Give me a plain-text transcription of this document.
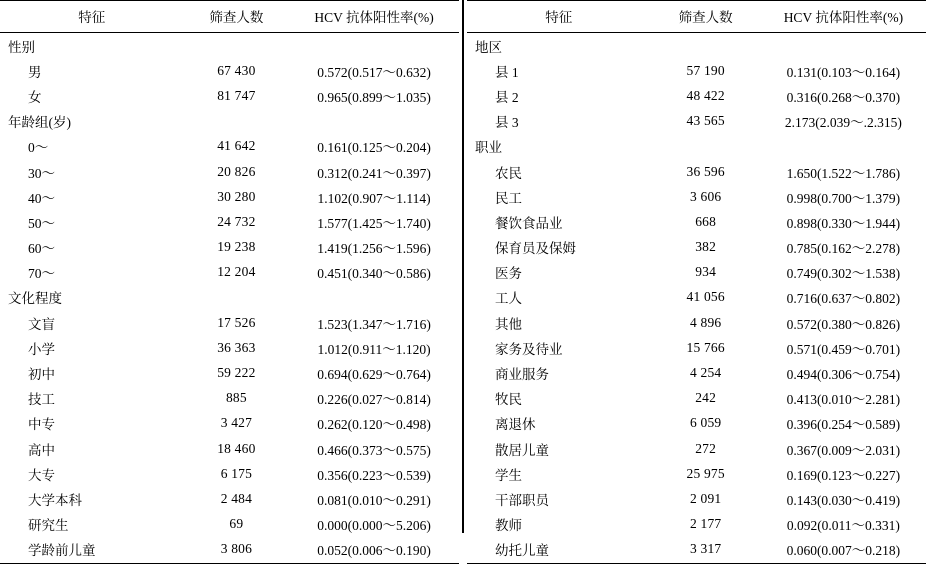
特征	筛查人数	HCV 抗体阳性率(%)
性别		
男	67 430	0.572(0.517～0.632)
女	81 747	0.965(0.899～1.035)
年龄组(岁)		
0～	41 642	0.161(0.125～0.204)
30～	20 826	0.312(0.241～0.397)
40～	30 280	1.102(0.907～1.114)
50～	24 732	1.577(1.425～1.740)
60～	19 238	1.419(1.256～1.596)
70～	12 204	0.451(0.340～0.586)
文化程度		
文盲	17 526	1.523(1.347～1.716)
小学	36 363	1.012(0.911～1.120)
初中	59 222	0.694(0.629～0.764)
技工	885	0.226(0.027～0.814)
中专	3 427	0.262(0.120～0.498)
高中	18 460	0.466(0.373～0.575)
大专	6 175	0.356(0.223～0.539)
大学本科	2 484	0.081(0.010～0.291)
研究生	69	0.000(0.000～5.206)
学龄前儿童	3 806	0.052(0.006～0.190)
特征	筛查人数	HCV 抗体阳性率(%)
地区		
县 1	57 190	0.131(0.103～0.164)
县 2	48 422	0.316(0.268～0.370)
县 3	43 565	2.173(2.039～.2.315)
职业		
农民	36 596	1.650(1.522～1.786)
民工	3 606	0.998(0.700～1.379)
餐饮食品业	668	0.898(0.330～1.944)
保育员及保姆	382	0.785(0.162～2.278)
医务	934	0.749(0.302～1.538)
工人	41 056	0.716(0.637～0.802)
其他	4 896	0.572(0.380～0.826)
家务及待业	15 766	0.571(0.459～0.701)
商业服务	4 254	0.494(0.306～0.754)
牧民	242	0.413(0.010～2.281)
离退休	6 059	0.396(0.254～0.589)
散居儿童	272	0.367(0.009～2.031)
学生	25 975	0.169(0.123～0.227)
干部职员	2 091	0.143(0.030～0.419)
教师	2 177	0.092(0.011～0.331)
幼托儿童	3 317	0.060(0.007～0.218)
